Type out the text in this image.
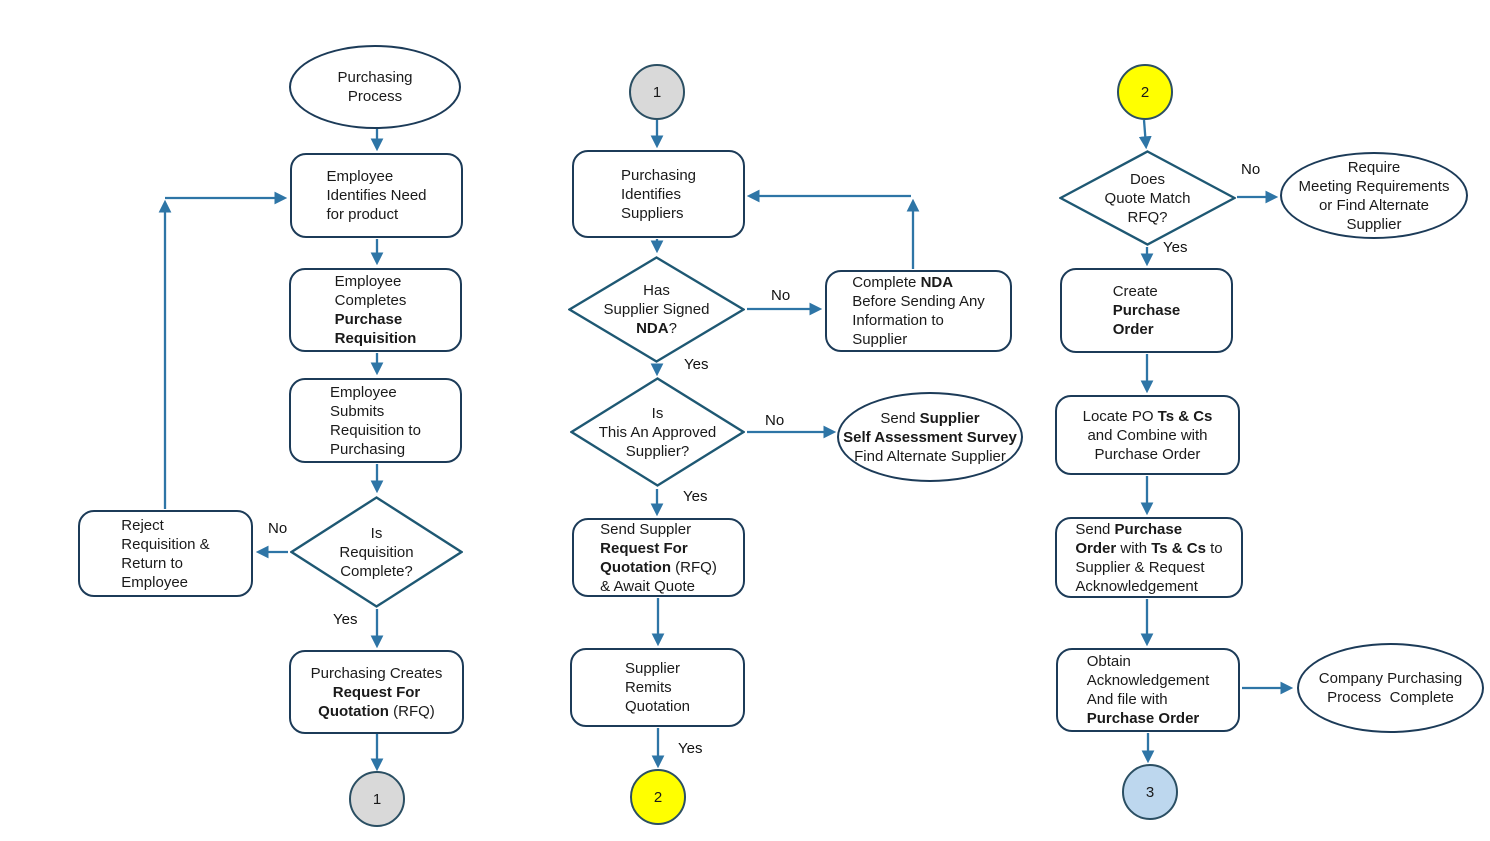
Purchasing
Process
Employee
Identifies Need
for product
Employee
Completes
Purchase
Requisition
Employee
Submits
Requisition to
Purchasing
Is
Requisition
Complete?
Reject
Requisition &
Return to
Employee
Purchasing Creates
Request For
Quotation (RFQ)
1
1
Purchasing
Identifies
Suppliers
Has
Supplier Signed
NDA?
Complete NDA
Before Sending Any
Information to
Supplier
Is
This An Approved
Supplier?
Send Supplier
Self Assessment Survey
Find Alternate Supplier
Send Suppler
Request For
Quotation (RFQ)
& Await Quote
Supplier
Remits
Quotation
2
2
Does
Quote Match
RFQ?
Require
Meeting Requirements
or Find Alternate
Supplier
Create
Purchase
Order
Locate PO Ts & Cs
and Combine with
Purchase Order
Send Purchase
Order with Ts & Cs to
Supplier & Request
Acknowledgement
Obtain
Acknowledgement
And file with
Purchase Order
Company Purchasing
Process  Complete
3
No
Yes
No
Yes
No
Yes
Yes
No
Yes
